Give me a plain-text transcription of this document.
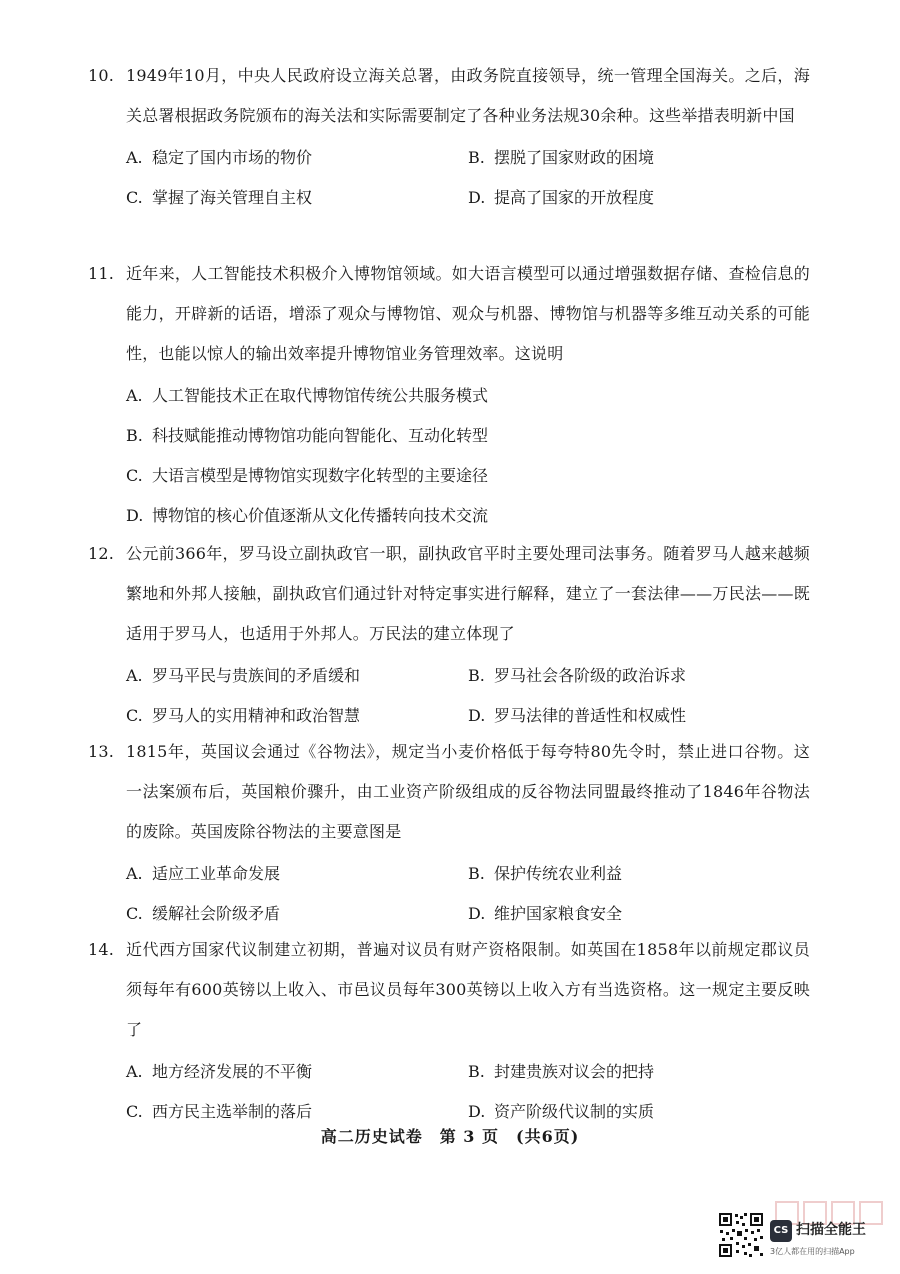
10. 1949年10月，中央人民政府设立海关总署，由政务院直接领导，统一管理全国海关。之后，海关总署根据政务院颁布的海关法和实际需要制定了各种业务法规30余种。这些举措表明新中国
A. 稳定了国内市场的物价	B. 摆脱了国家财政的困境
C. 掌握了海关管理自主权	D. 提高了国家的开放程度
11. 近年来，人工智能技术积极介入博物馆领域。如大语言模型可以通过增强数据存储、查检信息的能力，开辟新的话语，增添了观众与博物馆、观众与机器、博物馆与机器等多维互动关系的可能性，也能以惊人的输出效率提升博物馆业务管理效率。这说明
A. 人工智能技术正在取代博物馆传统公共服务模式
B. 科技赋能推动博物馆功能向智能化、互动化转型
C. 大语言模型是博物馆实现数字化转型的主要途径
D. 博物馆的核心价值逐渐从文化传播转向技术交流
12. 公元前366年，罗马设立副执政官一职，副执政官平时主要处理司法事务。随着罗马人越来越频繁地和外邦人接触，副执政官们通过针对特定事实进行解释，建立了一套法律——万民法——既适用于罗马人，也适用于外邦人。万民法的建立体现了
A. 罗马平民与贵族间的矛盾缓和	B. 罗马社会各阶级的政治诉求
C. 罗马人的实用精神和政治智慧	D. 罗马法律的普适性和权威性
13. 1815年，英国议会通过《谷物法》，规定当小麦价格低于每夸特80先令时，禁止进口谷物。这一法案颁布后，英国粮价骤升，由工业资产阶级组成的反谷物法同盟最终推动了1846年谷物法的废除。英国废除谷物法的主要意图是
A. 适应工业革命发展	B. 保护传统农业利益
C. 缓解社会阶级矛盾	D. 维护国家粮食安全
14. 近代西方国家代议制建立初期，普遍对议员有财产资格限制。如英国在1858年以前规定郡议员须每年有600英镑以上收入、市邑议员每年300英镑以上收入方有当选资格。这一规定主要反映了
A. 地方经济发展的不平衡	B. 封建贵族对议会的把持
C. 西方民主选举制的落后	D. 资产阶级代议制的实质
高二历史试卷　第 3 页　(共6页)
CS 扫描全能王
3亿人都在用的扫描App
